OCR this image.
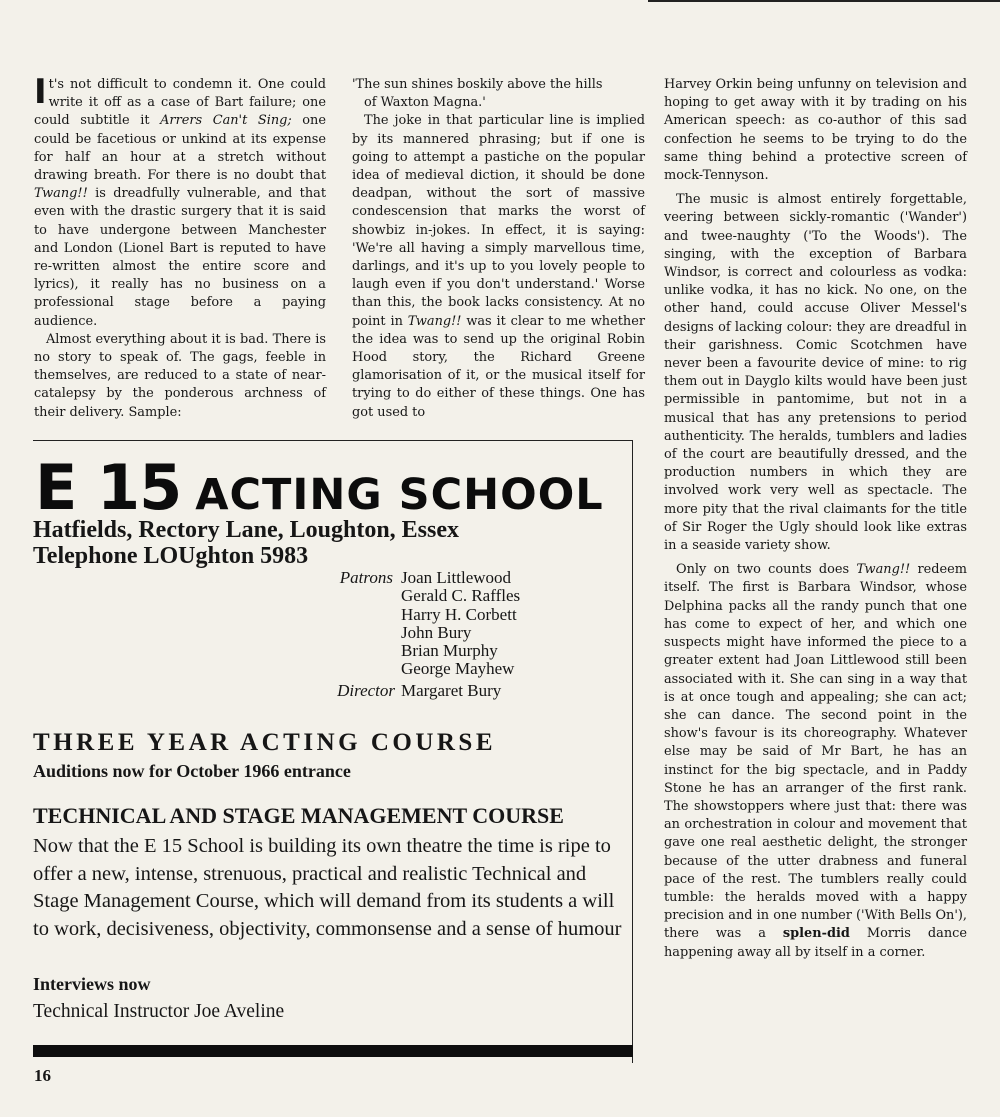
It's not difficult to condemn it. One could write it off as a case of Bart failure; one could subtitle it Arrers Can't Sing; one could be facetious or unkind at its expense for half an hour at a stretch without drawing breath. For there is no doubt that Twang!! is dreadfully vulnerable, and that even with the drastic surgery that it is said to have undergone between Manchester and London (Lionel Bart is reputed to have re-written almost the entire score and lyrics), it really has no business on a professional stage before a paying audience.

Almost everything about it is bad. There is no story to speak of. The gags, feeble in themselves, are reduced to a state of near-catalepsy by the ponderous archness of their delivery. Sample:

'The sun shines boskily above the hills
of Waxton Magna.'

The joke in that particular line is implied by its mannered phrasing; but if one is going to attempt a pastiche on the popular idea of medieval diction, it should be done deadpan, without the sort of massive condescension that marks the worst of showbiz in-jokes. In effect, it is saying: 'We're all having a simply marvellous time, darlings, and it's up to you lovely people to laugh even if you don't understand.' Worse than this, the book lacks consistency. At no point in Twang!! was it clear to me whether the idea was to send up the original Robin Hood story, the Richard Greene glamorisation of it, or the musical itself for trying to do either of these things. One has got used to

Harvey Orkin being unfunny on television and hoping to get away with it by trading on his American speech: as co-author of this sad confection he seems to be trying to do the same thing behind a protective screen of mock-Tennyson.

The music is almost entirely forgettable, veering between sickly-romantic ('Wander') and twee-naughty ('To the Woods'). The singing, with the exception of Barbara Windsor, is correct and colourless as vodka: unlike vodka, it has no kick. No one, on the other hand, could accuse Oliver Messel's designs of lacking colour: they are dreadful in their garishness. Comic Scotchmen have never been a favourite device of mine: to rig them out in Dayglo kilts would have been just permissible in pantomime, but not in a musical that has any pretensions to period authenticity. The heralds, tumblers and ladies of the court are beautifully dressed, and the production numbers in which they are involved work very well as spectacle. The more pity that the rival claimants for the title of Sir Roger the Ugly should look like extras in a seaside variety show.

Only on two counts does Twang!! redeem itself. The first is Barbara Windsor, whose Delphina packs all the randy punch that one has come to expect of her, and which one suspects might have informed the piece to a greater extent had Joan Littlewood still been associated with it. She can sing in a way that is at once tough and appealing; she can act; she can dance. The second point in the show's favour is its choreography. Whatever else may be said of Mr Bart, he has an instinct for the big spectacle, and in Paddy Stone he has an arranger of the first rank. The showstoppers where just that: there was an orchestration in colour and movement that gave one real aesthetic delight, the stronger because of the utter drabness and funeral pace of the rest. The tumblers really could tumble: the heralds moved with a happy precision and in one number ('With Bells On'), there was a splen-did Morris dance happening away all by itself in a corner.

E 15 ACTING SCHOOL
Hatfields, Rectory Lane, Loughton, Essex
Telephone LOUghton 5983
Patrons Joan Littlewood
Gerald C. Raffles
Harry H. Corbett
John Bury
Brian Murphy
George Mayhew
Director Margaret Bury
THREE YEAR ACTING COURSE
Auditions now for October 1966 entrance
TECHNICAL AND STAGE MANAGEMENT COURSE
Now that the E 15 School is building its own theatre the time is ripe to offer a new, intense, strenuous, practical and realistic Technical and Stage Management Course, which will demand from its students a will to work, decisiveness, objectivity, commonsense and a sense of humour
Interviews now
Technical Instructor Joe Aveline
16
